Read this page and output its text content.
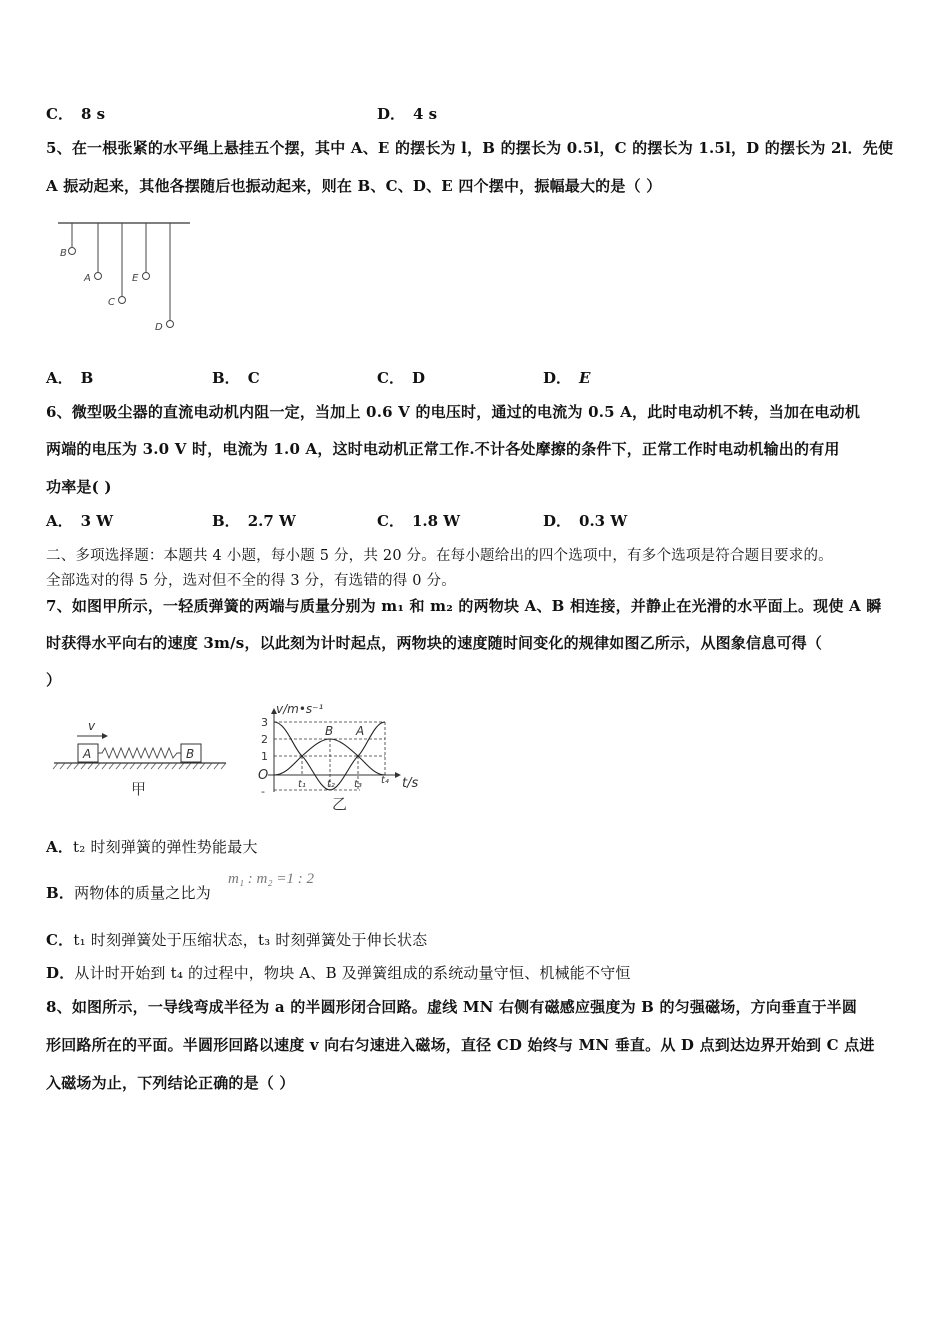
C． 8 s	D． 4 s
5、在一根张紧的水平绳上悬挂五个摆，其中 A、E 的摆长为 l，B 的摆长为 0.5l，C 的摆长为 1.5l，D 的摆长为 2l．先使
A 振动起来，其他各摆随后也振动起来，则在 B、C、D、E 四个摆中，振幅最大的是（ ）
B
A	E
C
D
A． B	B． C	C． D	D． E
6、微型吸尘器的直流电动机内阻一定，当加上 0.6 V 的电压时，通过的电流为 0.5 A，此时电动机不转，当加在电动机
两端的电压为 3.0 V 时，电流为 1.0 A，这时电动机正常工作.不计各处摩擦的条件下，正常工作时电动机输出的有用
功率是( )
A． 3 W	B． 2.7 W	C． 1.8 W	D． 0.3 W
二、多项选择题：本题共 4 小题，每小题 5 分，共 20 分。在每小题给出的四个选项中，有多个选项是符合题目要求的。
全部选对的得 5 分，选对但不全的得 3 分，有选错的得 0 分。
7、如图甲所示，一轻质弹簧的两端与质量分别为 m₁ 和 m₂ 的两物块 A、B 相连接，并静止在光滑的水平面上。现使 A 瞬
时获得水平向右的速度 3m/s，以此刻为计时起点，两物块的速度随时间变化的规律如图乙所示，从图象信息可得（
）
v
A	B
甲
v/m•s⁻¹
t/s
O
3
2
1
-
B A
t₁ t₂ t₃ t₄
乙
A．t₂ 时刻弹簧的弹性势能最大
B．两物体的质量之比为
m₁ : m₂ =1 : 2
C．t₁ 时刻弹簧处于压缩状态，t₃ 时刻弹簧处于伸长状态
D．从计时开始到 t₄ 的过程中，物块 A、B 及弹簧组成的系统动量守恒、机械能不守恒
8、如图所示，一导线弯成半径为 a 的半圆形闭合回路。虚线 MN 右侧有磁感应强度为 B 的匀强磁场，方向垂直于半圆
形回路所在的平面。半圆形回路以速度 v 向右匀速进入磁场，直径 CD 始终与 MN 垂直。从 D 点到达边界开始到 C 点进
入磁场为止，下列结论正确的是（ ）
